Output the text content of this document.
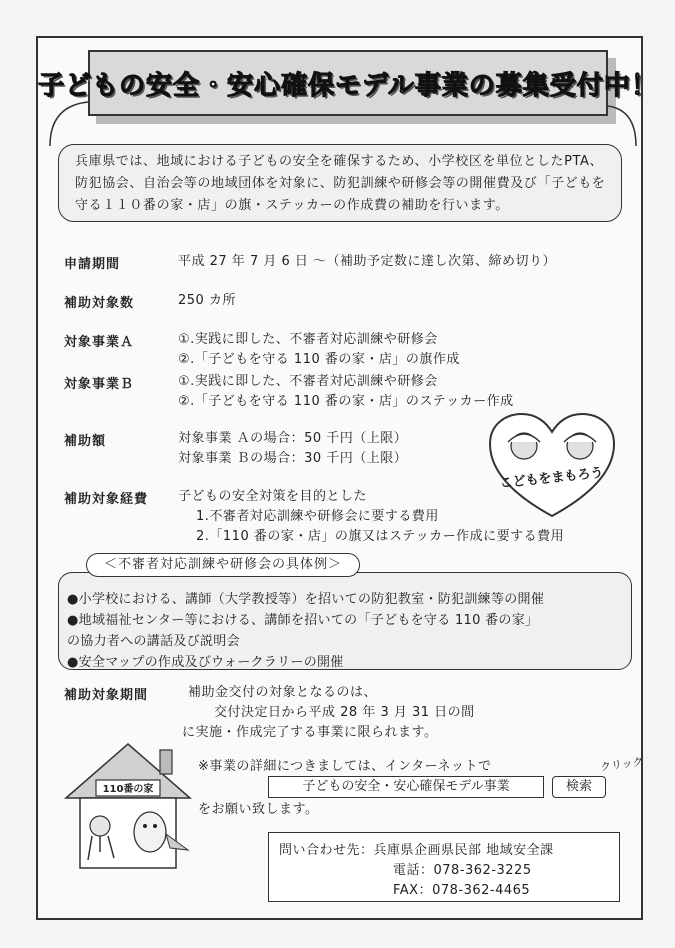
子どもの安全・安心確保モデル事業の募集受付中！
兵庫県では、地域における子どもの安全を確保するため、小学校区を単位としたPTA、防犯協会、自治会等の地域団体を対象に、防犯訓練や研修会等の開催費及び「子どもを守る１１０番の家・店」の旗・ステッカーの作成費の補助を行います。
申請期間	平成 27 年 7 月 6 日 〜（補助予定数に達し次第、締め切り）
補助対象数	250 カ所
対象事業Ａ	①.実践に即した、不審者対応訓練や研修会
②.「子どもを守る 110 番の家・店」の旗作成
対象事業Ｂ	①.実践に即した、不審者対応訓練や研修会
②.「子どもを守る 110 番の家・店」のステッカー作成
補助額	対象事業 Ａの場合：50 千円（上限）
対象事業 Ｂの場合：30 千円（上限）
こどもをまもろう
補助対象経費 子どもの安全対策を目的とした
1.不審者対応訓練や研修会に要する費用
2.「110 番の家・店」の旗又はステッカー作成に要する費用
●小学校における、講師（大学教授等）を招いての防犯教室・防犯訓練等の開催
●地域福祉センター等における、講師を招いての「子どもを守る 110 番の家」
の協力者への講話及び説明会
●安全マップの作成及びウォークラリーの開催
＜不審者対応訓練や研修会の具体例＞
補助対象期間	補助金交付の対象となるのは、
交付決定日から平成 28 年 3 月 31 日の間
に実施・作成完了する事業に限られます。
110番の家
※事業の詳細につきましては、インターネットで
子どもの安全・安心確保モデル事業	検索
クリック
をお願い致します。
問い合わせ先：兵庫県企画県民部 地域安全課
電話：078-362-3225
FAX：078-362-4465
